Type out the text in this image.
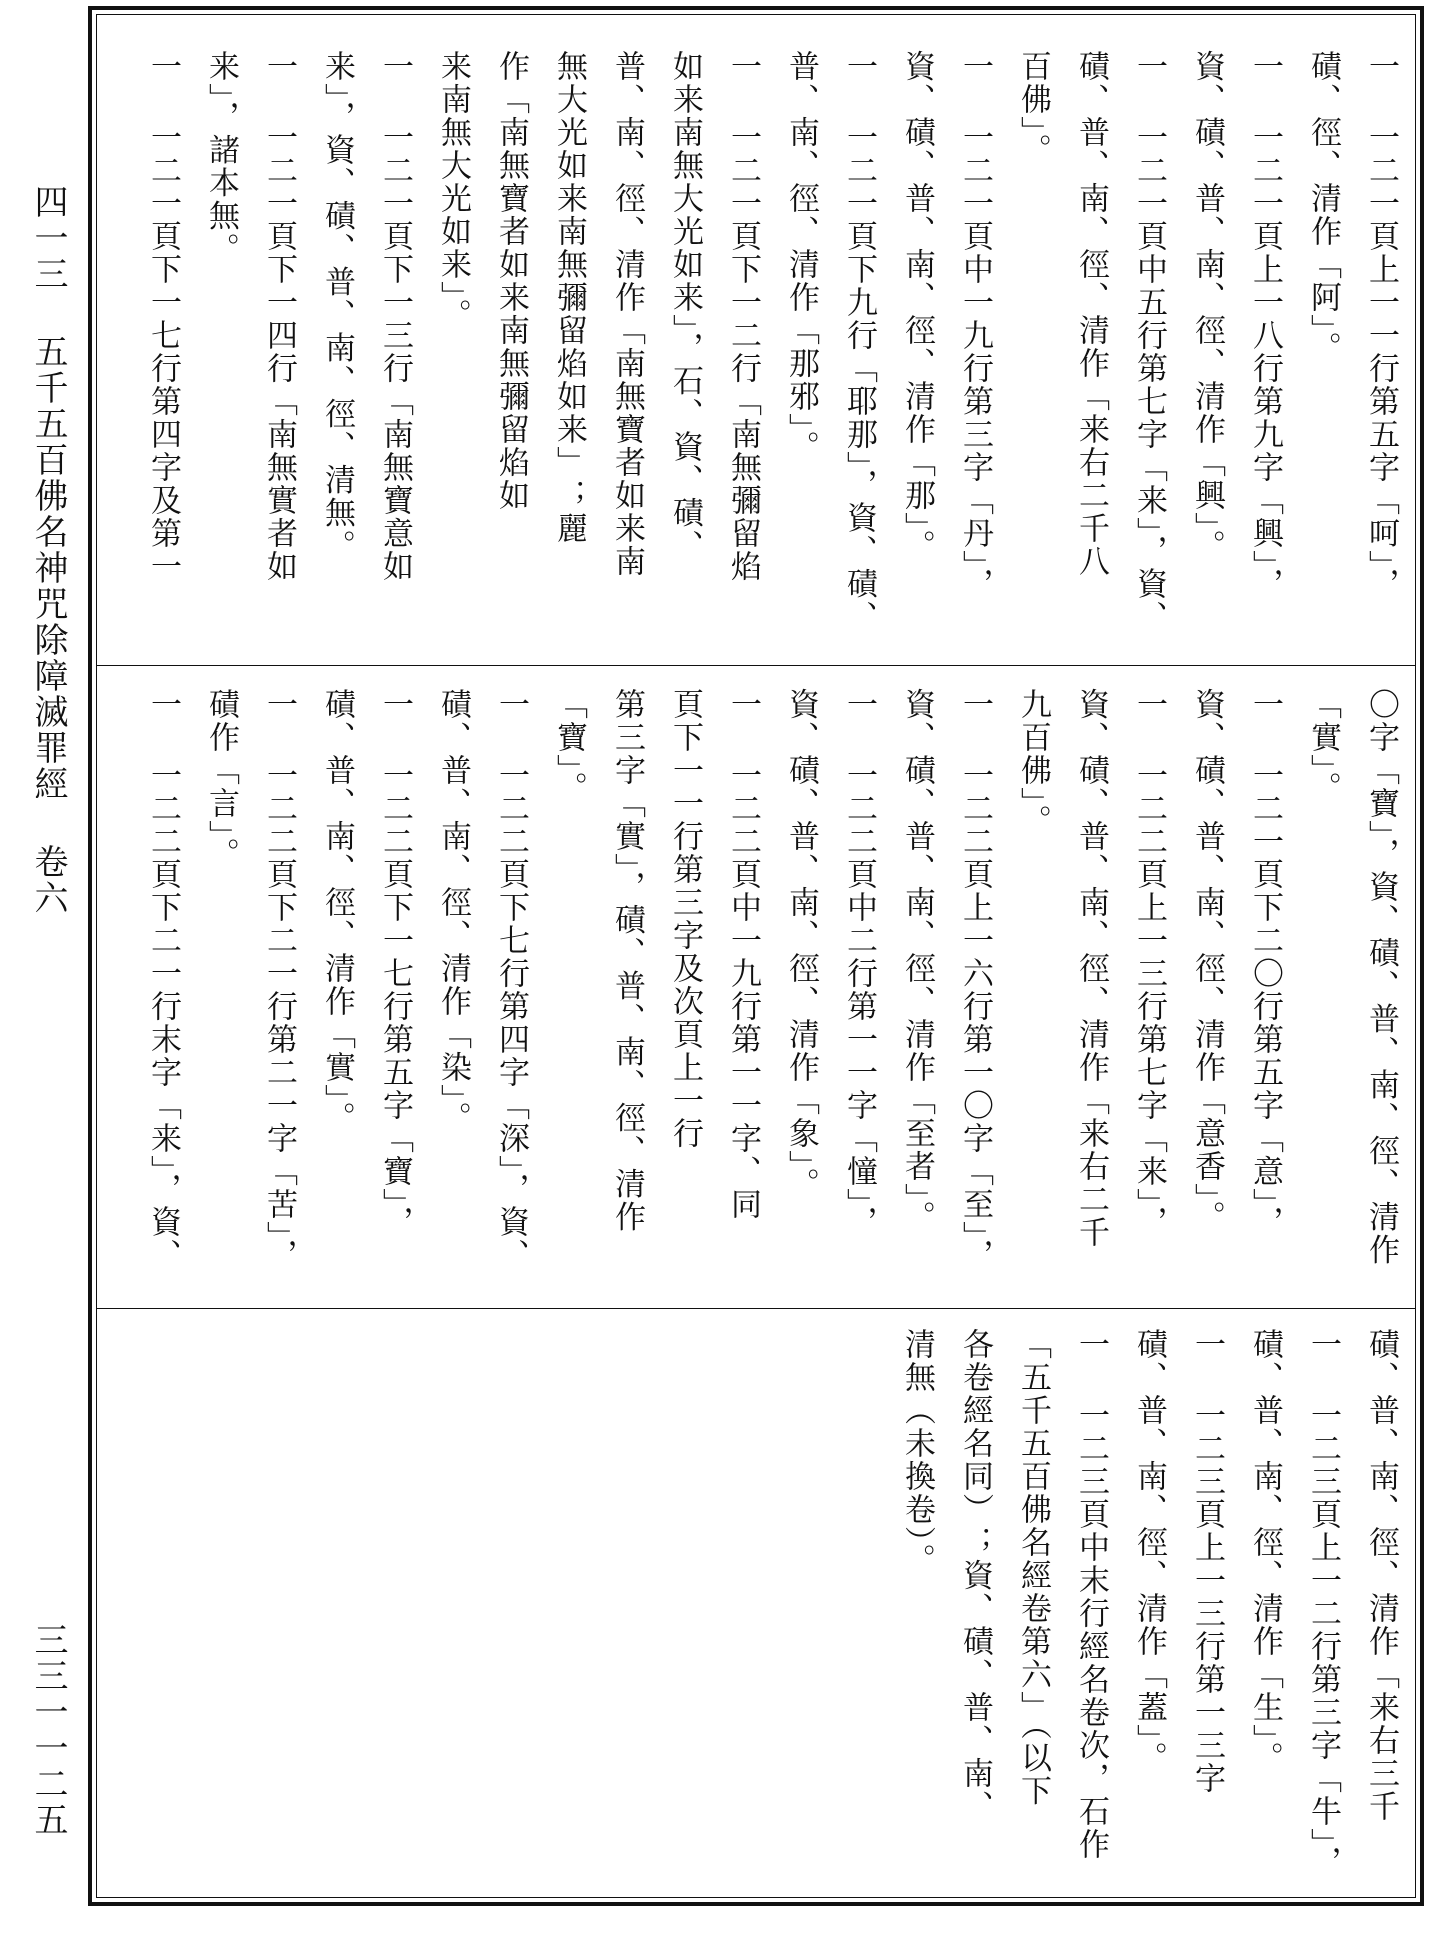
四一三 五千五百佛名神咒除障滅罪經 卷六
三三一一二五
一 一二一頁上一一行第五字「呵」，
磧、徑、清作「阿」。
一 一二一頁上一八行第九字「興」，
資、磧、普、南、徑、清作「興」。
一 一二一頁中五行第七字「来」，資、
磧、普、南、徑、清作「来右二千八
百佛」。
一 一二一頁中一九行第三字「丹」，
資、磧、普、南、徑、清作「那」。
一 一二一頁下九行「耶那」，資、磧、
普、南、徑、清作「那邪」。
一 一二一頁下一二行「南無彌留焰
如来南無大光如来」，石、資、磧、
普、南、徑、清作「南無寶者如来南
無大光如来南無彌留焰如来」；麗
作「南無寶者如来南無彌留焰如
来南無大光如来」。
一 一二一頁下一三行「南無寶意如
来」，資、磧、普、南、徑、清無。
一 一二一頁下一四行「南無實者如
来」，諸本無。
一 一二一頁下一七行第四字及第一
〇字「寶」，資、磧、普、南、徑、清作
「實」。
一 一二一頁下二〇行第五字「意」，
資、磧、普、南、徑、清作「意香」。
一 一二二頁上一三行第七字「来」，
資、磧、普、南、徑、清作「来右二千
九百佛」。
一 一二二頁上一六行第一〇字「至」，
資、磧、普、南、徑、清作「至者」。
一 一二二頁中二行第一一字「憧」，
資、磧、普、南、徑、清作「象」。
一 一二二頁中一九行第一一字、同
頁下一一行第三字及次頁上一行
第三字「實」，磧、普、南、徑、清作
「寶」。
一 一二二頁下七行第四字「深」，資、
磧、普、南、徑、清作「染」。
一 一二二頁下一七行第五字「寶」，
磧、普、南、徑、清作「實」。
一 一二二頁下二一行第二一字「苦」，
磧作「言」。
一 一二二頁下二一行末字「来」，資、
磧、普、南、徑、清作「来右三千
一 一二三頁上一二行第三字「牛」，
磧、普、南、徑、清作「生」。
一 一二三頁上一三行第一三字
磧、普、南、徑、清作「蓋」。
一 一二三頁中末行經名卷次，石作
「五千五百佛名經卷第六」（以下
各卷經名同）；資、磧、普、南、
清無（未換卷）。
